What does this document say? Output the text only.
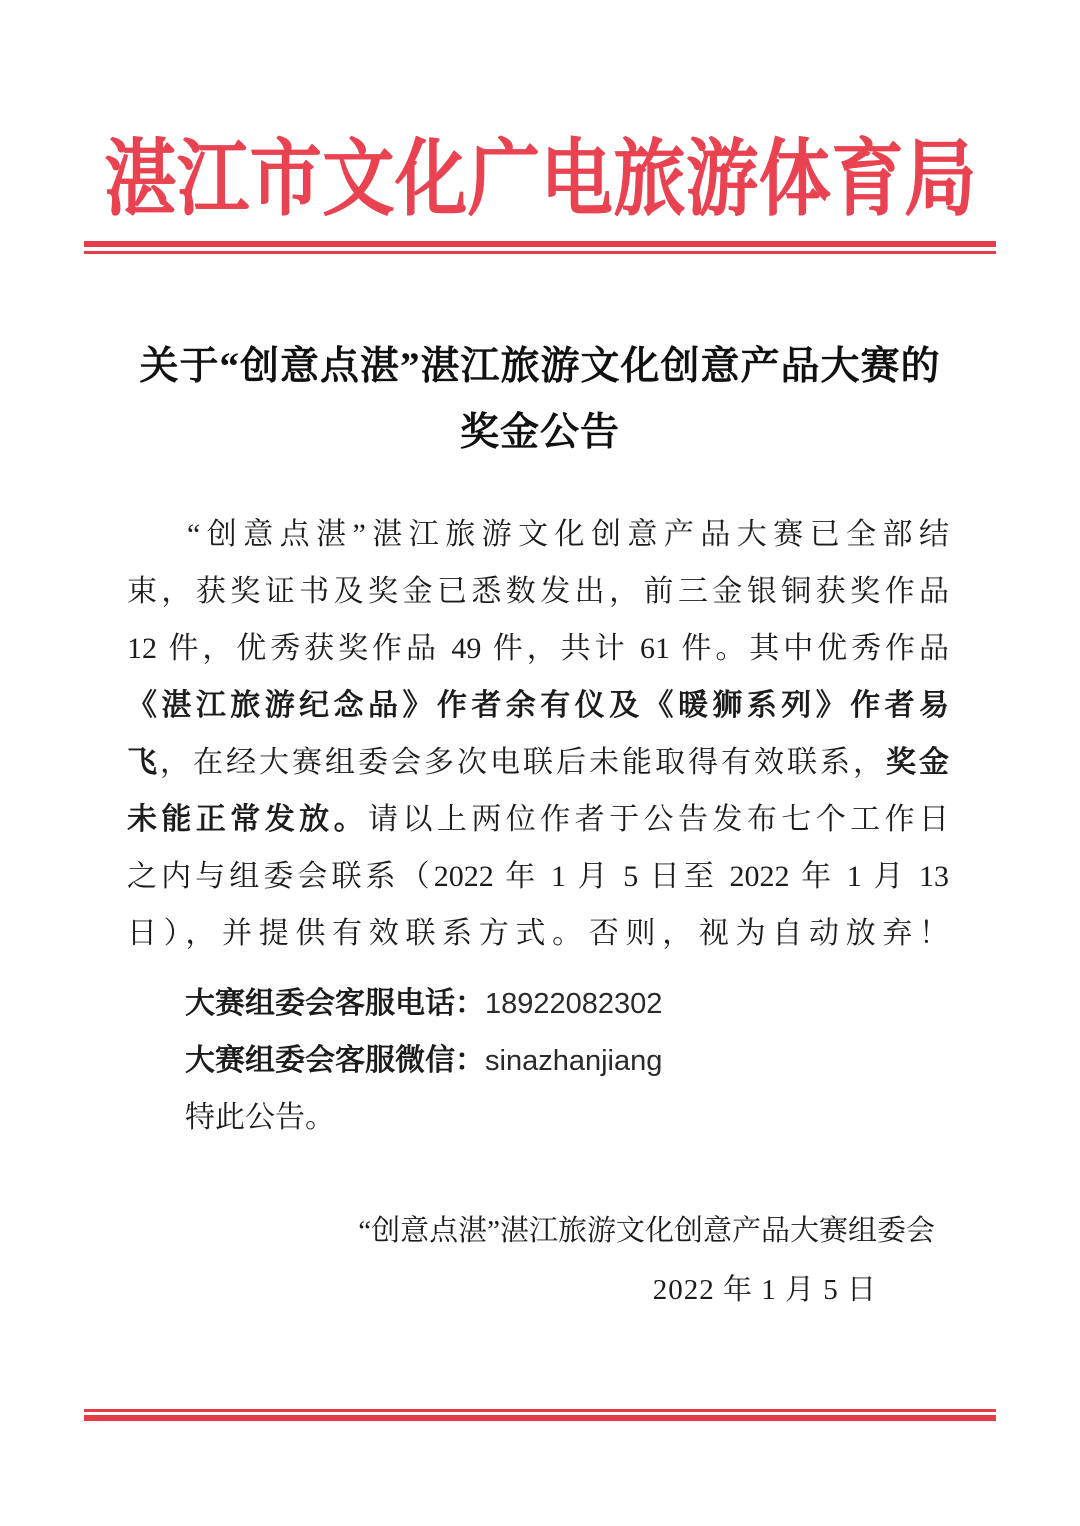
湛江市文化广电旅游体育局
关于“创意点湛”湛江旅游文化创意产品大赛的
奖金公告
“创意点湛”湛江旅游文化创意产品大赛已全部结
束，获奖证书及奖金已悉数发出，前三金银铜获奖作品
12 件，优秀获奖作品 49 件，共计 61 件。其中优秀作品
《湛江旅游纪念品》作者余有仪及《暖狮系列》作者易
飞，在经大赛组委会多次电联后未能取得有效联系，奖金
未能正常发放。请以上两位作者于公告发布七个工作日
之内与组委会联系（2022 年 1 月 5 日至 2022 年 1 月 13
日），并提供有效联系方式。否则，视为自动放弃！
大赛组委会客服电话：18922082302
大赛组委会客服微信：sinazhanjiang
特此公告。
“创意点湛”湛江旅游文化创意产品大赛组委会
2022 年 1 月 5 日
